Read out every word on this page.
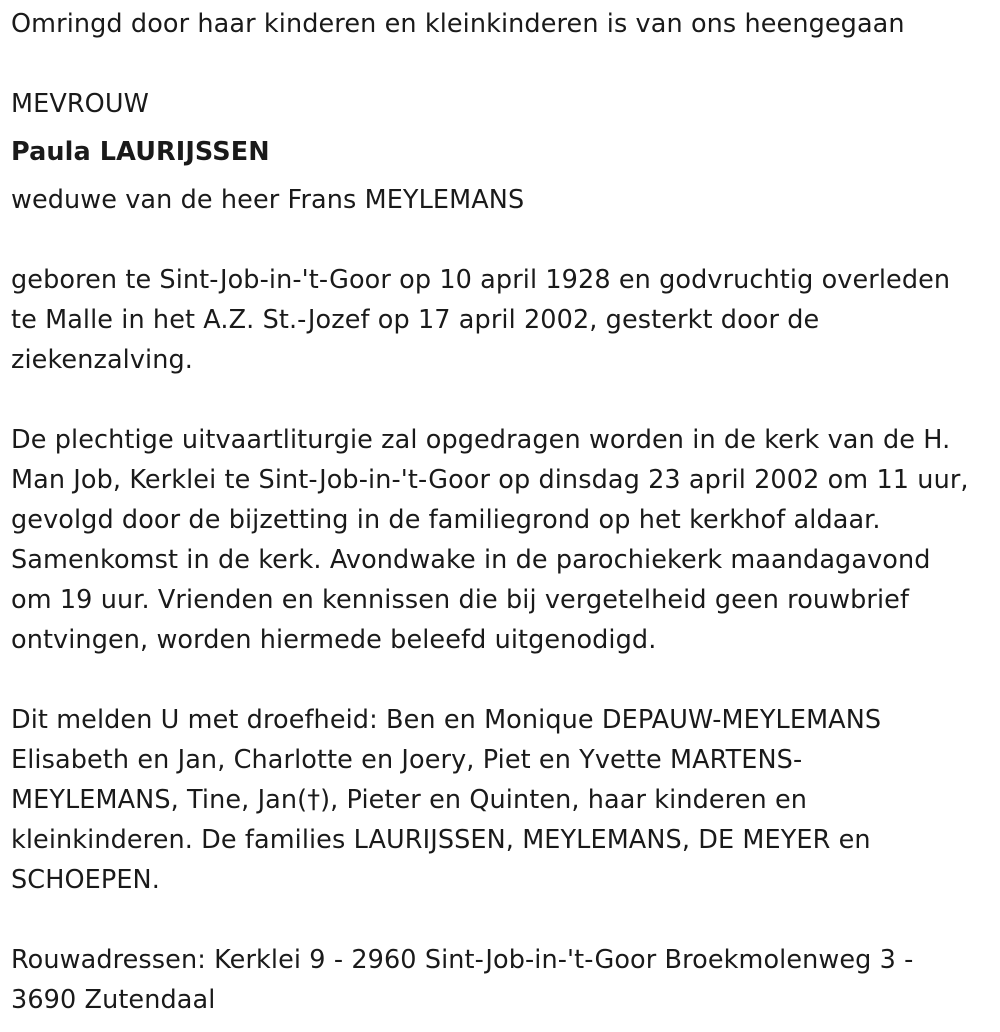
Omringd door haar kinderen en kleinkinderen is van ons heengegaan
MEVROUW
Paula LAURIJSSEN
weduwe van de heer Frans MEYLEMANS
geboren te Sint-Job-in-'t-Goor op 10 april 1928 en godvruchtig overleden
te Malle in het A.Z. St.-Jozef op 17 april 2002, gesterkt door de
ziekenzalving.
De plechtige uitvaartliturgie zal opgedragen worden in de kerk van de H.
Man Job, Kerklei te Sint-Job-in-'t-Goor op dinsdag 23 april 2002 om 11 uur,
gevolgd door de bijzetting in de familiegrond op het kerkhof aldaar.
Samenkomst in de kerk. Avondwake in de parochiekerk maandagavond
om 19 uur. Vrienden en kennissen die bij vergetelheid geen rouwbrief
ontvingen, worden hiermede beleefd uitgenodigd.
Dit melden U met droefheid: Ben en Monique DEPAUW-MEYLEMANS
Elisabeth en Jan, Charlotte en Joery, Piet en Yvette MARTENS-
MEYLEMANS, Tine, Jan(†), Pieter en Quinten, haar kinderen en
kleinkinderen. De families LAURIJSSEN, MEYLEMANS, DE MEYER en
SCHOEPEN.
Rouwadressen: Kerklei 9 - 2960 Sint-Job-in-'t-Goor Broekmolenweg 3 -
3690 Zutendaal
